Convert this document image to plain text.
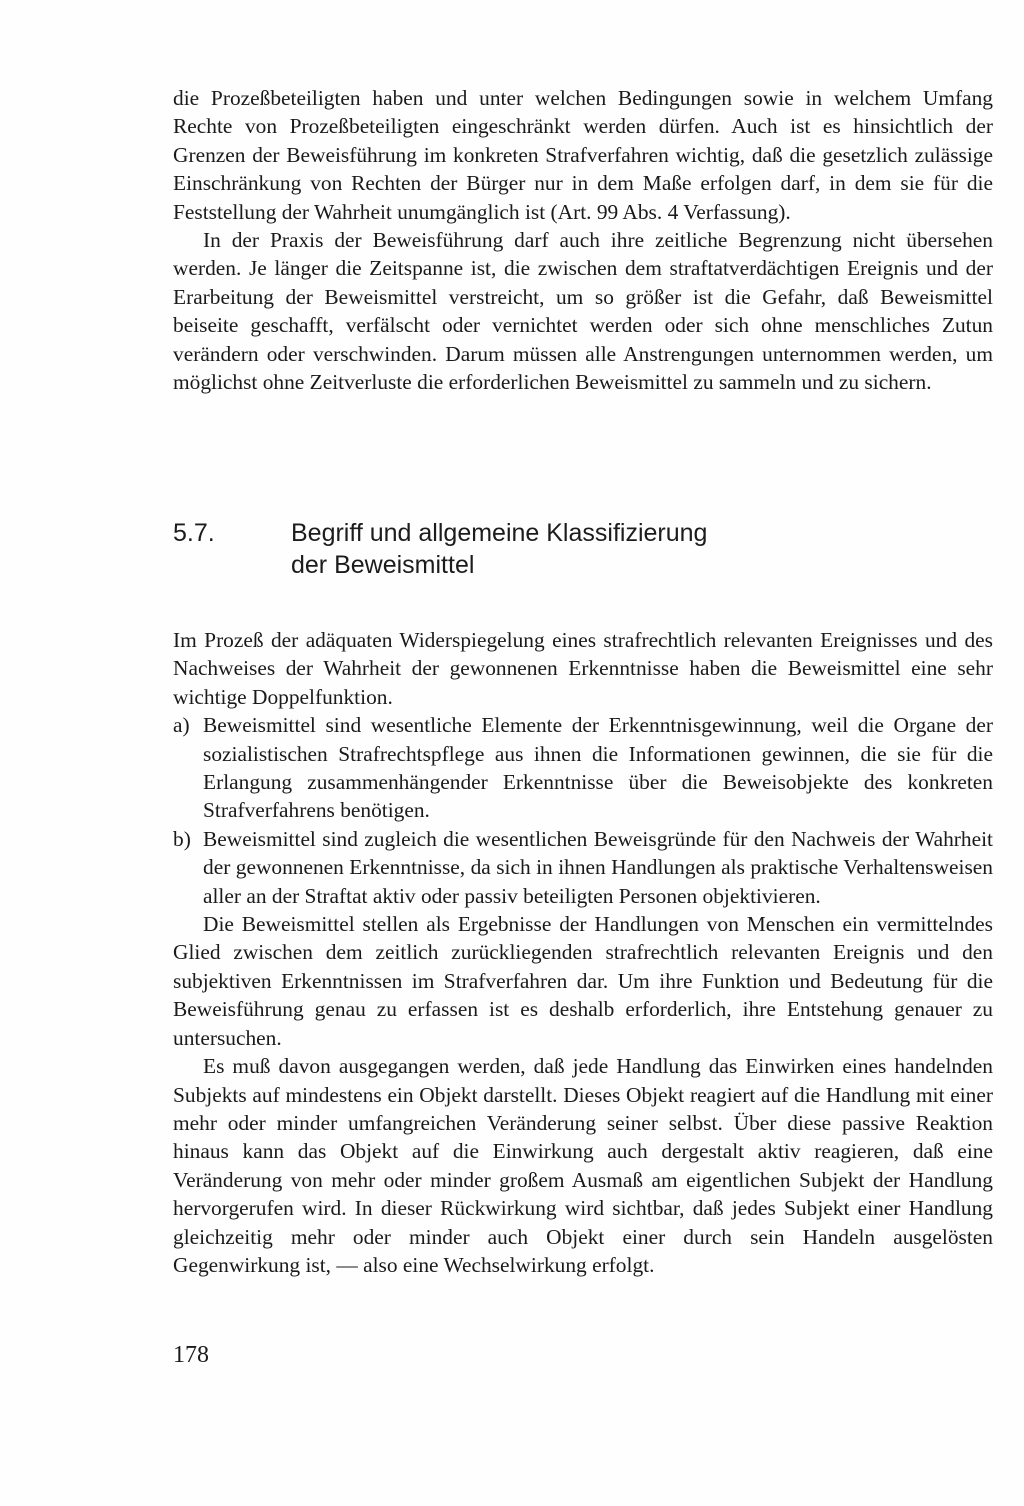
die Prozeßbeteiligten haben und unter welchen Bedingungen sowie in welchem Umfang Rechte von Prozeßbeteiligten eingeschränkt werden dürfen. Auch ist es hinsichtlich der Grenzen der Beweisführung im konkreten Strafverfahren wichtig, daß die gesetzlich zulässige Einschränkung von Rechten der Bürger nur in dem Maße erfolgen darf, in dem sie für die Feststellung der Wahrheit unumgänglich ist (Art. 99 Abs. 4 Verfassung).

In der Praxis der Beweisführung darf auch ihre zeitliche Begrenzung nicht übersehen werden. Je länger die Zeitspanne ist, die zwischen dem straftatverdächtigen Ereignis und der Erarbeitung der Beweismittel verstreicht, um so größer ist die Gefahr, daß Beweismittel beiseite geschafft, verfälscht oder vernichtet werden oder sich ohne menschliches Zutun verändern oder verschwinden. Darum müssen alle Anstrengungen unternommen werden, um möglichst ohne Zeitverluste die erforderlichen Beweismittel zu sammeln und zu sichern.

5.7.	Begriff und allgemeine Klassifizierung
der Beweismittel

Im Prozeß der adäquaten Widerspiegelung eines strafrechtlich relevanten Ereignisses und des Nachweises der Wahrheit der gewonnenen Erkenntnisse haben die Beweismittel eine sehr wichtige Doppelfunktion.

a) Beweismittel sind wesentliche Elemente der Erkenntnisgewinnung, weil die Organe der sozialistischen Strafrechtspflege aus ihnen die Informationen gewinnen, die sie für die Erlangung zusammenhängender Erkenntnisse über die Beweisobjekte des konkreten Strafverfahrens benötigen.

b) Beweismittel sind zugleich die wesentlichen Beweisgründe für den Nachweis der Wahrheit der gewonnenen Erkenntnisse, da sich in ihnen Handlungen als praktische Verhaltensweisen aller an der Straftat aktiv oder passiv beteiligten Personen objektivieren.

Die Beweismittel stellen als Ergebnisse der Handlungen von Menschen ein vermittelndes Glied zwischen dem zeitlich zurückliegenden strafrechtlich relevanten Ereignis und den subjektiven Erkenntnissen im Strafverfahren dar. Um ihre Funktion und Bedeutung für die Beweisführung genau zu erfassen ist es deshalb erforderlich, ihre Entstehung genauer zu untersuchen.

Es muß davon ausgegangen werden, daß jede Handlung das Einwirken eines handelnden Subjekts auf mindestens ein Objekt darstellt. Dieses Objekt reagiert auf die Handlung mit einer mehr oder minder umfangreichen Veränderung seiner selbst. Über diese passive Reaktion hinaus kann das Objekt auf die Einwirkung auch dergestalt aktiv reagieren, daß eine Veränderung von mehr oder minder großem Ausmaß am eigentlichen Subjekt der Handlung hervorgerufen wird. In dieser Rückwirkung wird sichtbar, daß jedes Subjekt einer Handlung gleichzeitig mehr oder minder auch Objekt einer durch sein Handeln ausgelösten Gegenwirkung ist, — also eine Wechselwirkung erfolgt.

178
